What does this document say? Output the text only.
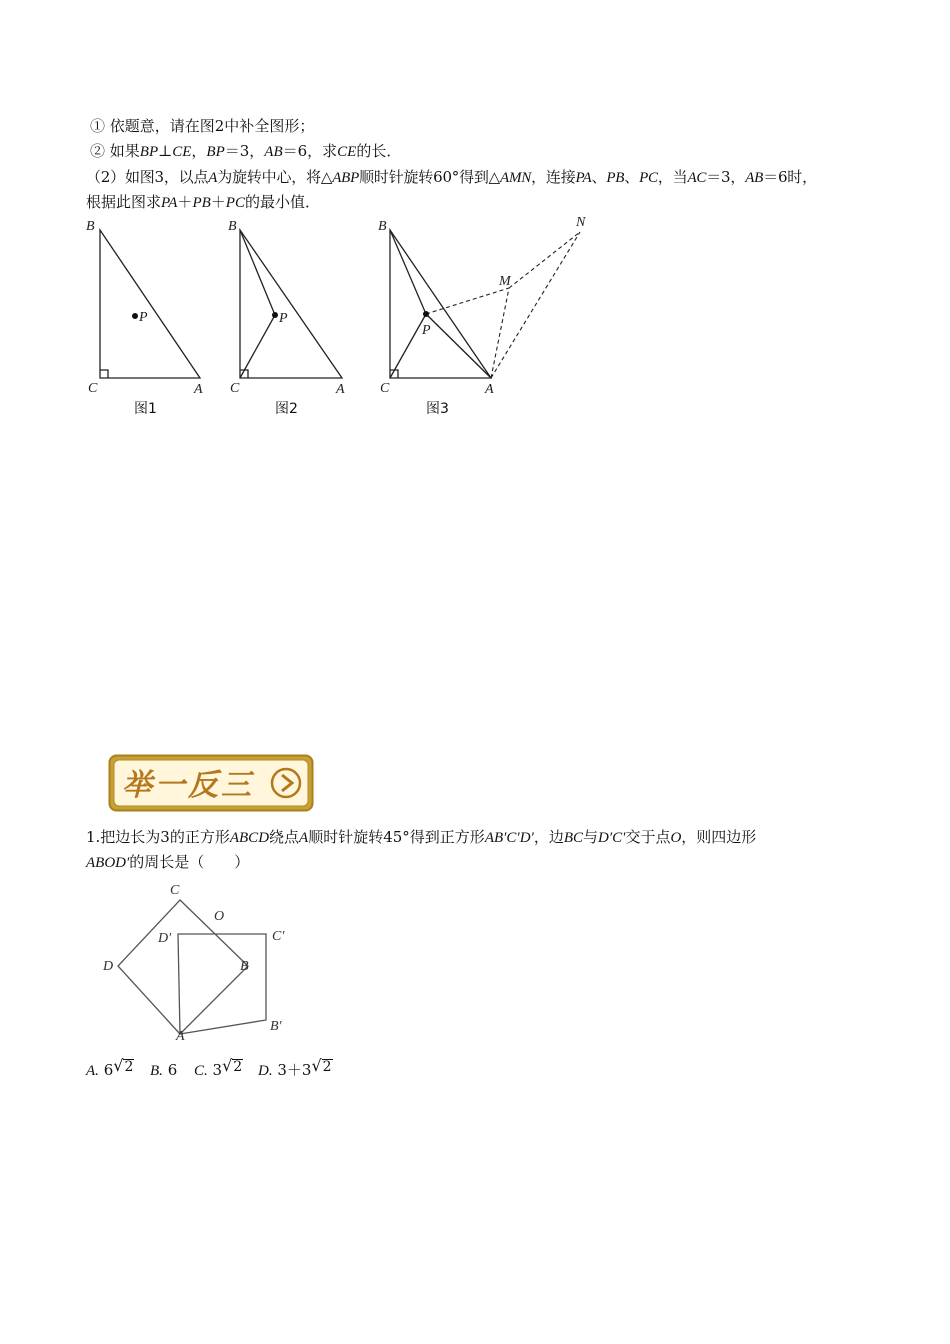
① 依题意，请在图2中补全图形；
② 如果BP⊥CE，BP＝3，AB＝6，求CE的长．
（2）如图3，以点A为旋转中心，将△ABP顺时针旋转60°得到△AMN，连接PA、PB、PC，当AC＝3，AB＝6时，
根据此图求PA＋PB＋PC的最小值．
B
C	A
P
B
C	A
P
B
C	A
P
M
N
图1	图2	图3
举一反三
1.把边长为3的正方形ABCD绕点A顺时针旋转45°得到正方形AB′C′D′，边BC与D′C′交于点O，则四边形
ABOD′的周长是（　　）
C
O
D′	C′
D	B
A
B′
A. 6√2 B. 6 C. 3√2 D. 3＋3√2
